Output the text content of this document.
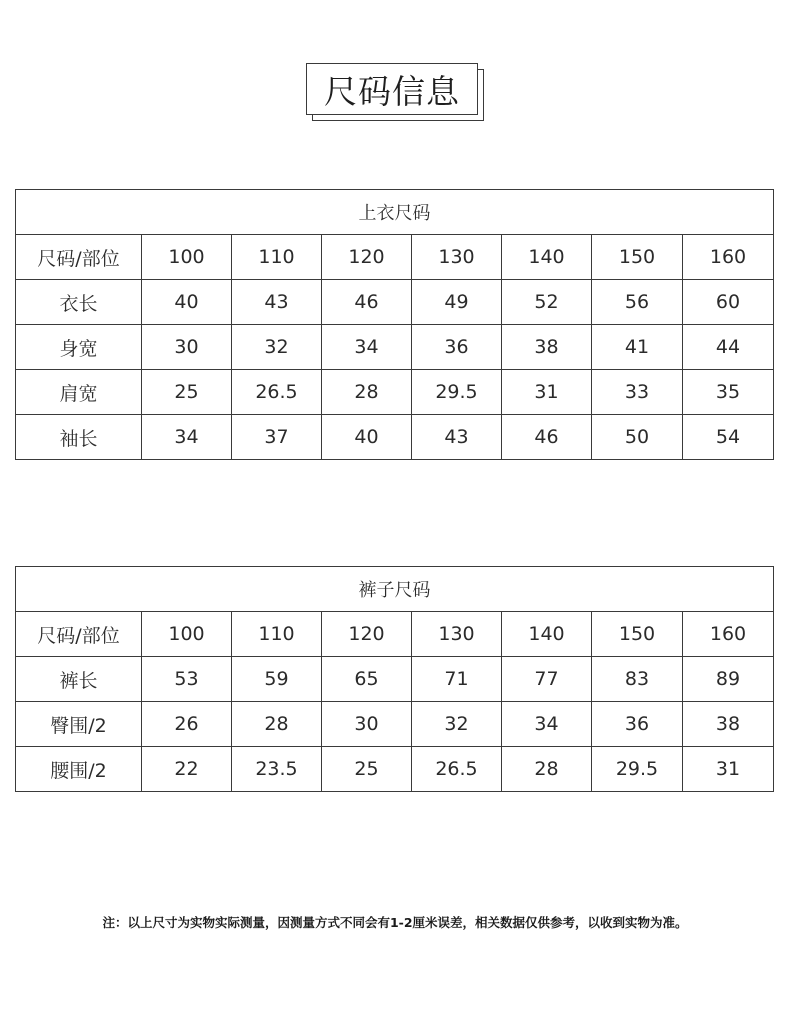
尺码信息
上衣尺码							
尺码/部位	100	110	120	130	140	150	160
衣长	40	43	46	49	52	56	60
身宽	30	32	34	36	38	41	44
肩宽	25	26.5	28	29.5	31	33	35
袖长	34	37	40	43	46	50	54
裤子尺码							
尺码/部位	100	110	120	130	140	150	160
裤长	53	59	65	71	77	83	89
臀围/2	26	28	30	32	34	36	38
腰围/2	22	23.5	25	26.5	28	29.5	31
注：以上尺寸为实物实际测量，因测量方式不同会有1-2厘米误差，相关数据仅供参考，以收到实物为准。
